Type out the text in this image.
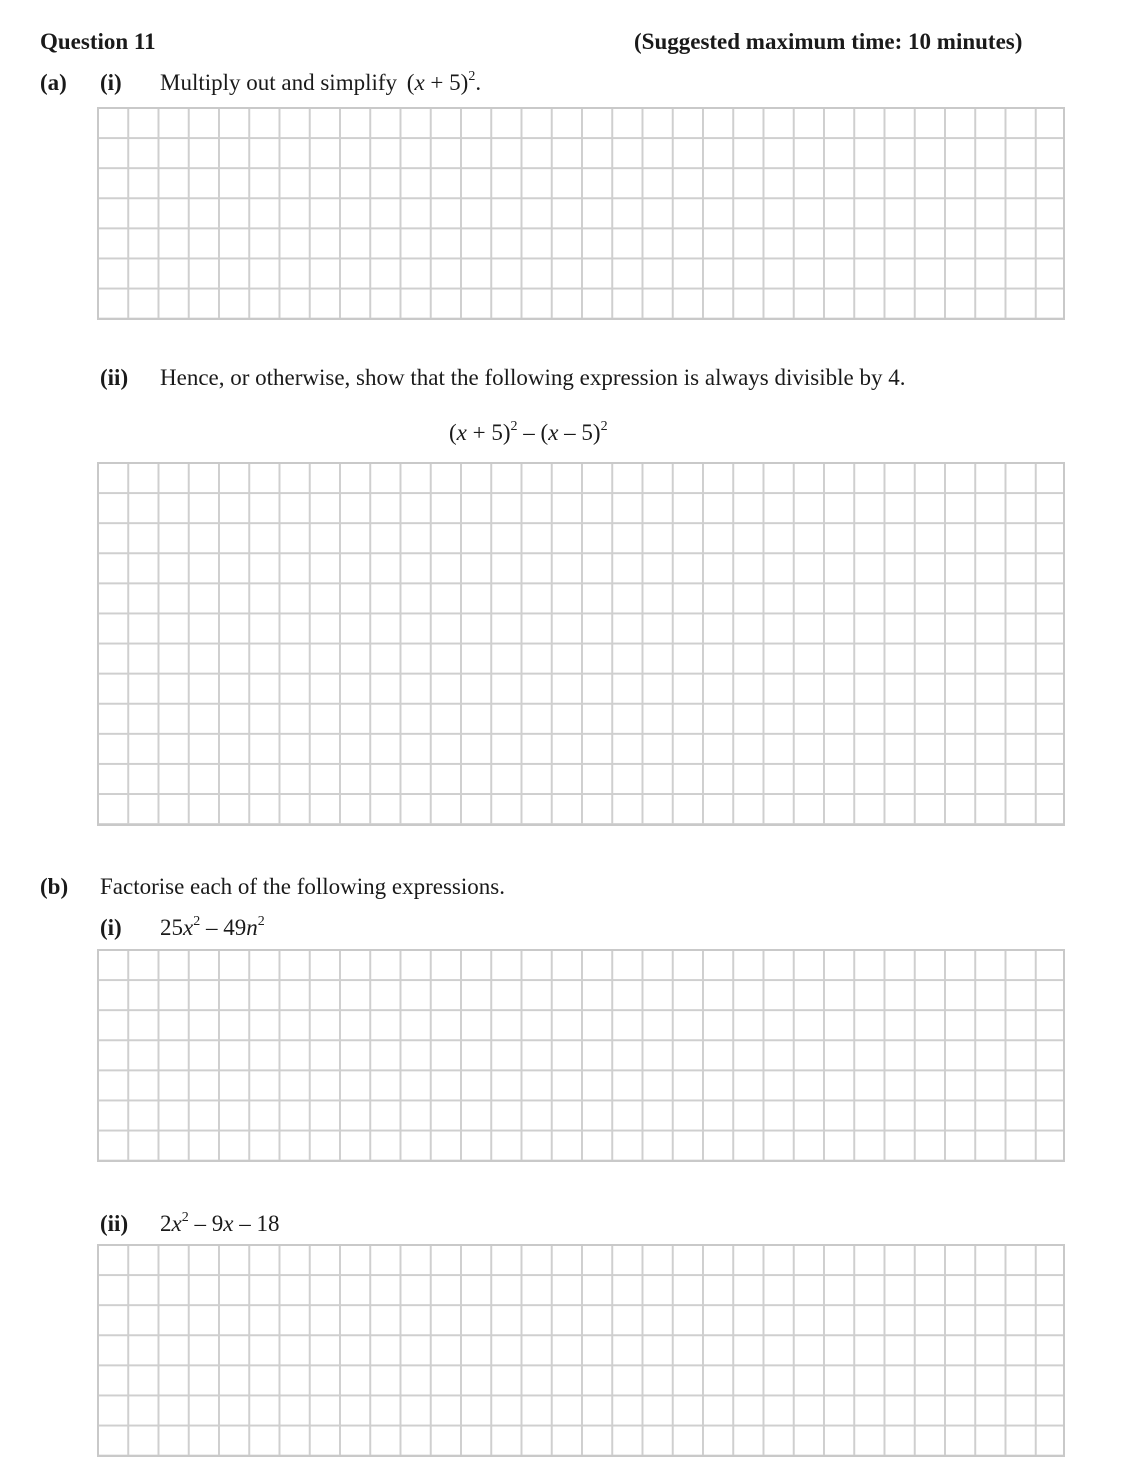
Question 11	(Suggested maximum time: 10 minutes)
(a) (i) Multiply out and simplify $(x + 5)^2$.
(ii) Hence, or otherwise, show that the following expression is always divisible by 4.
$(x + 5)^2 - (x - 5)^2$
(b) Factorise each of the following expressions.
(i) $25x^2 - 49n^2$
(ii) $2x^2 - 9x - 18$
